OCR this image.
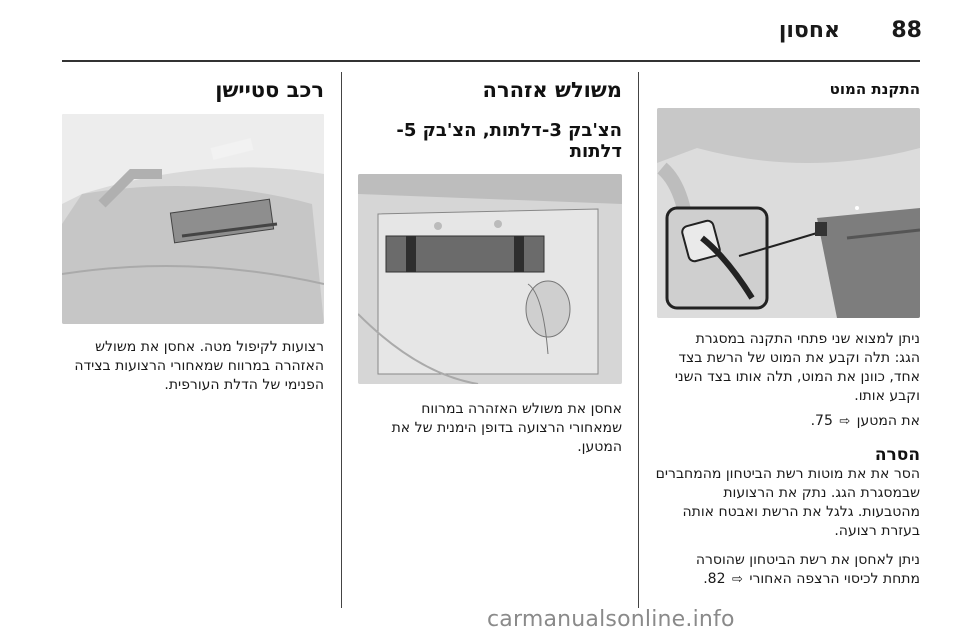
אחסון 88
התקנת המוט

ניתן למצוא שני פתחי התקנה במסגרת

הגג: תלה וקבע את המוט של הרשת בצד

אחד, כוונן את המוט, תלה אותו בצד השני

וקבע אותו.

את המטען ⇨ 75.

הסרה

הסר את את מוטות רשת הביטחון מהמחברים

שבמסגרת הגג. נתק את הרצועות

מהטבעות. גלגל את הרשת ואבטח אותה

בעזרת רצועה.

ניתן לאחסן את רשת הביטחון שהוסרה

מתחת לכיסוי הרצפה האחורי ⇨ 82.

משולש אזהרה
הצ'בק 3-דלתות, הצ'בק 5-דלתות

אחסן את משולש האזהרה במרווח

שמאחורי הרצועה בדופן הימנית של את

המטען.

רכב סטיישן

רצועות לקיפול מטה. אחסן את משולש

האזהרה במרווח שמאחורי הרצועות בצידה

הפנימי של הדלת העורפית.

carmanualsonline.info
